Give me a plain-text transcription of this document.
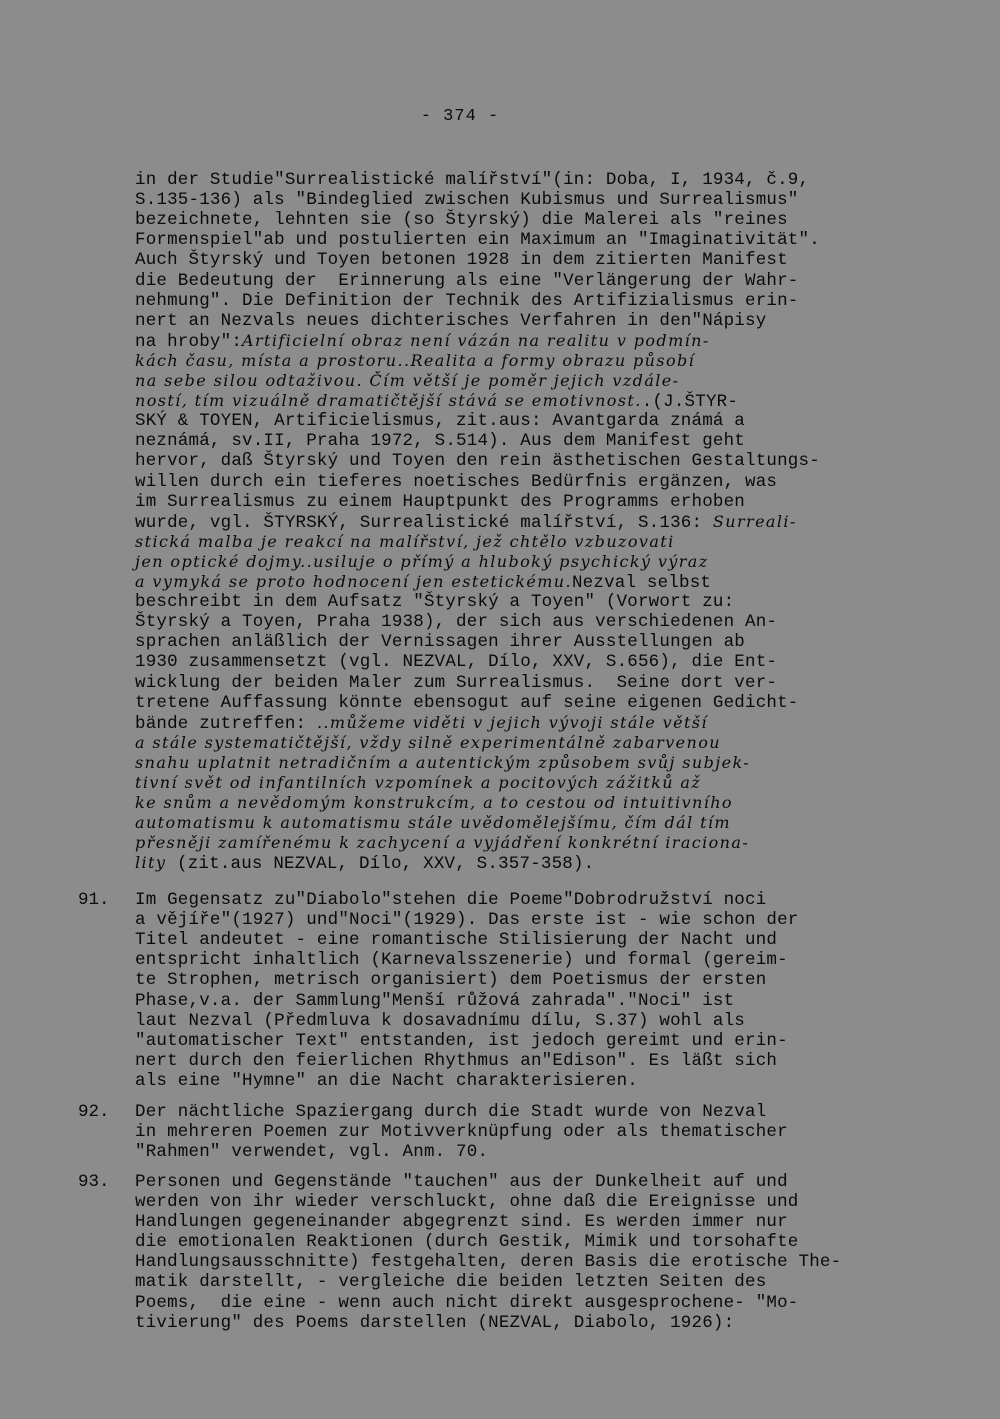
- 374 -
in der Studie"Surrealistické malířství"(in: Doba, I, 1934, č.9,
S.135-136) als "Bindeglied zwischen Kubismus und Surrealismus"
bezeichnete, lehnten sie (so Štyrský) die Malerei als "reines
Formenspiel"ab und postulierten ein Maximum an "Imaginativität".
Auch Štyrský und Toyen betonen 1928 in dem zitierten Manifest
die Bedeutung der  Erinnerung als eine "Verlängerung der Wahr-
nehmung". Die Definition der Technik des Artifizialismus erin-
nert an Nezvals neues dichterisches Verfahren in den"Nápisy
na hroby":Artificielní obraz není vázán na realitu v podmín-
kách času, místa a prostoru..Realita a formy obrazu působí
na sebe silou odtaživou. Čím větší je poměr jejich vzdále-
ností, tím vizuálně dramatičtější stává se emotivnost..(J.ŠTYR-
SKÝ & TOYEN, Artificielismus, zit.aus: Avantgarda známá a
neznámá, sv.II, Praha 1972, S.514). Aus dem Manifest geht
hervor, daß Štyrský und Toyen den rein ästhetischen Gestaltungs-
willen durch ein tieferes noetisches Bedürfnis ergänzen, was
im Surrealismus zu einem Hauptpunkt des Programms erhoben
wurde, vgl. ŠTYRSKÝ, Surrealistické malířství, S.136: Surreali-
stická malba je reakcí na malířství, jež chtělo vzbuzovati
jen optické dojmy..usiluje o přímý a hluboký psychický výraz
a vymyká se proto hodnocení jen estetickému.Nezval selbst
beschreibt in dem Aufsatz "Štyrský a Toyen" (Vorwort zu:
Štyrský a Toyen, Praha 1938), der sich aus verschiedenen An-
sprachen anläßlich der Vernissagen ihrer Ausstellungen ab
1930 zusammensetzt (vgl. NEZVAL, Dílo, XXV, S.656), die Ent-
wicklung der beiden Maler zum Surrealismus.  Seine dort ver-
tretene Auffassung könnte ebensogut auf seine eigenen Gedicht-
bände zutreffen: ..můžeme viděti v jejich vývoji stále větší
a stále systematičtější, vždy silně experimentálně zabarvenou
snahu uplatnit netradičním a autentickým způsobem svůj subjek-
tivní svět od infantilních vzpomínek a pocitových zážitků až
ke snům a nevědomým konstrukcím, a to cestou od intuitivního
automatismu k automatismu stále uvědomělejšímu, čím dál tím
přesněji zamířenému k zachycení a vyjádření konkrétní iraciona-
lity (zit.aus NEZVAL, Dílo, XXV, S.357-358).
91. Im Gegensatz zu"Diabolo"stehen die Poeme"Dobrodružství noci
a vějíře"(1927) und"Noci"(1929). Das erste ist - wie schon der
Titel andeutet - eine romantische Stilisierung der Nacht und
entspricht inhaltlich (Karnevalsszenerie) und formal (gereim-
te Strophen, metrisch organisiert) dem Poetismus der ersten
Phase,v.a. der Sammlung"Menší růžová zahrada"."Noci" ist
laut Nezval (Předmluva k dosavadnímu dílu, S.37) wohl als
"automatischer Text" entstanden, ist jedoch gereimt und erin-
nert durch den feierlichen Rhythmus an"Edison". Es läßt sich
als eine "Hymne" an die Nacht charakterisieren.
92. Der nächtliche Spaziergang durch die Stadt wurde von Nezval
in mehreren Poemen zur Motivverknüpfung oder als thematischer
"Rahmen" verwendet, vgl. Anm. 70.
93. Personen und Gegenstände "tauchen" aus der Dunkelheit auf und
werden von ihr wieder verschluckt, ohne daß die Ereignisse und
Handlungen gegeneinander abgegrenzt sind. Es werden immer nur
die emotionalen Reaktionen (durch Gestik, Mimik und torsohafte
Handlungsausschnitte) festgehalten, deren Basis die erotische The-
matik darstellt, - vergleiche die beiden letzten Seiten des
Poems,  die eine - wenn auch nicht direkt ausgesprochene- "Mo-
tivierung" des Poems darstellen (NEZVAL, Diabolo, 1926):
